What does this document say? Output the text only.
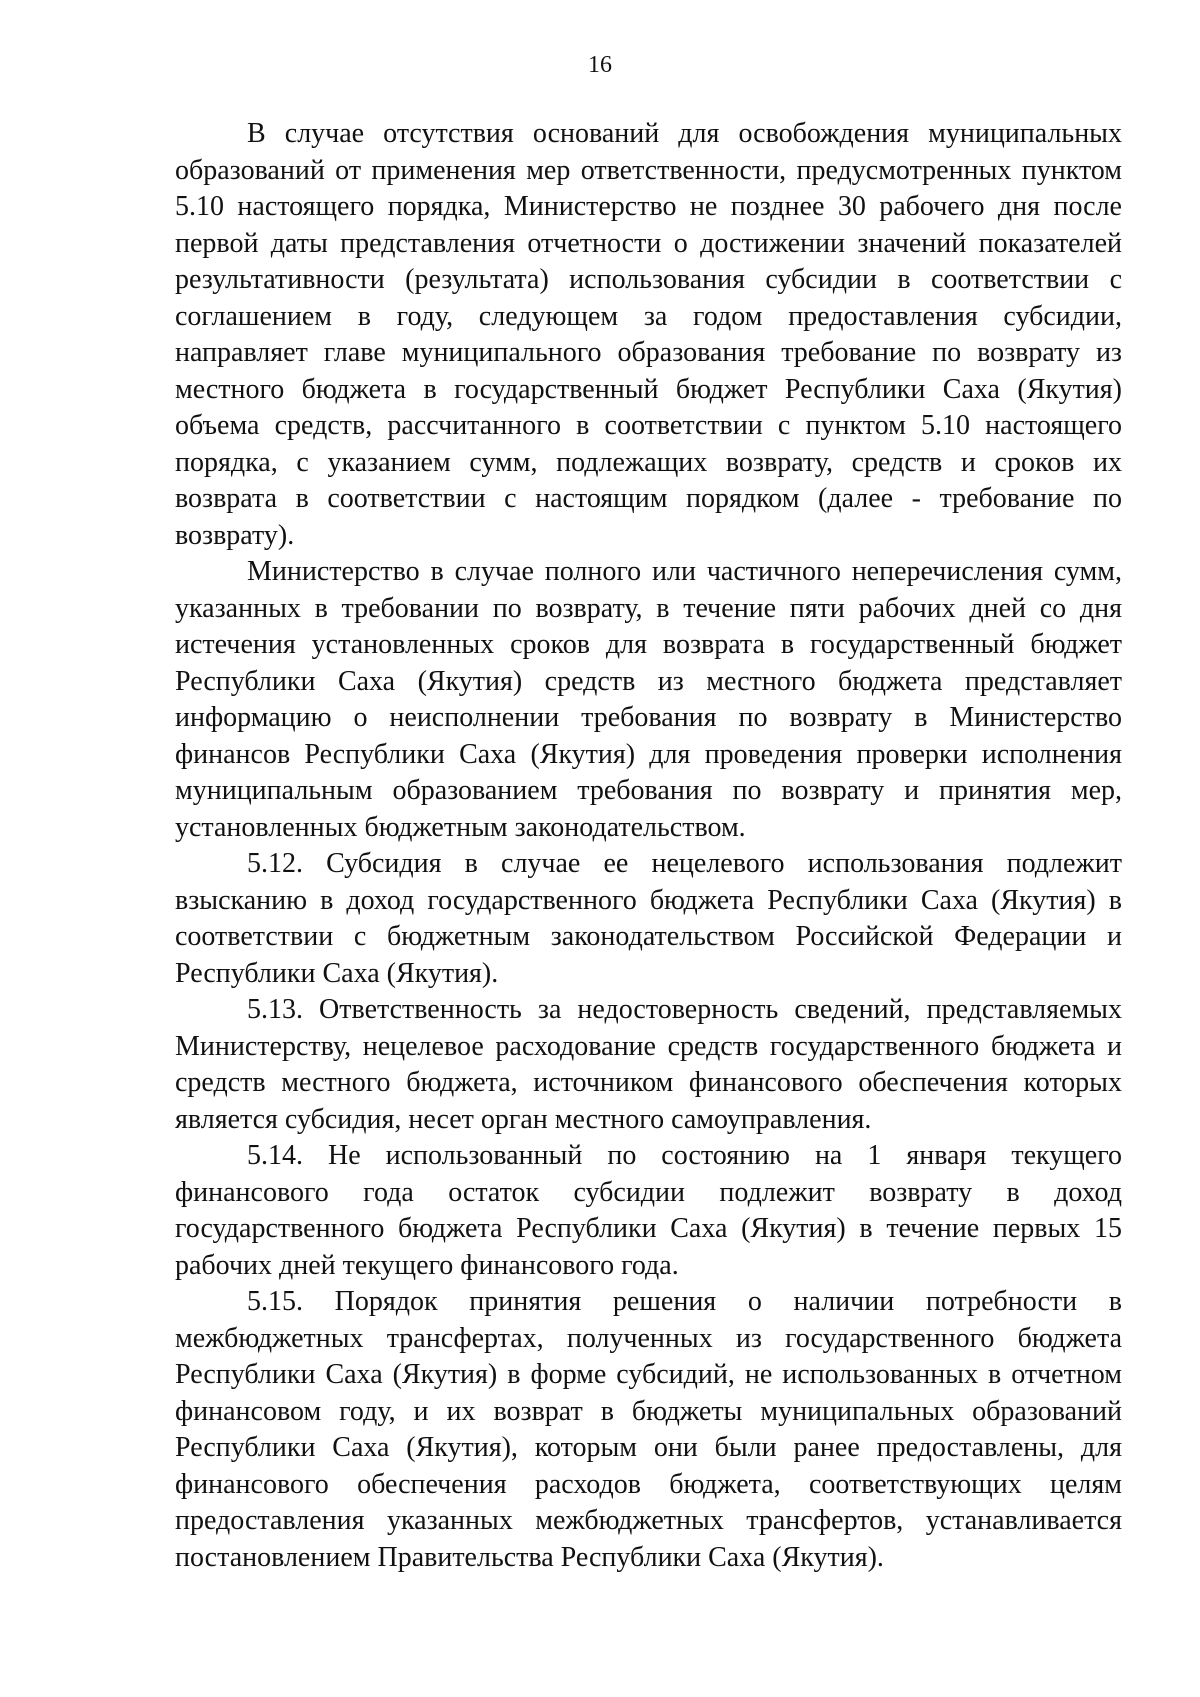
16

В случае отсутствия оснований для освобождения муниципальных образований от применения мер ответственности, предусмотренных пунктом 5.10 настоящего порядка, Министерство не позднее 30 рабочего дня после первой даты представления отчетности о достижении значений показателей результативности (результата) использования субсидии в соответствии с соглашением в году, следующем за годом предоставления субсидии, направляет главе муниципального образования требование по возврату из местного бюджета в государственный бюджет Республики Саха (Якутия) объема средств, рассчитанного в соответствии с пунктом 5.10 настоящего порядка, с указанием сумм, подлежащих возврату, средств и сроков их возврата в соответствии с настоящим порядком (далее - требование по возврату).

Министерство в случае полного или частичного неперечисления сумм, указанных в требовании по возврату, в течение пяти рабочих дней со дня истечения установленных сроков для возврата в государственный бюджет Республики Саха (Якутия) средств из местного бюджета представляет информацию о неисполнении требования по возврату в Министерство финансов Республики Саха (Якутия) для проведения проверки исполнения муниципальным образованием требования по возврату и принятия мер, установленных бюджетным законодательством.

5.12. Субсидия в случае ее нецелевого использования подлежит взысканию в доход государственного бюджета Республики Саха (Якутия) в соответствии с бюджетным законодательством Российской Федерации и Республики Саха (Якутия).

5.13. Ответственность за недостоверность сведений, представляемых Министерству, нецелевое расходование средств государственного бюджета и средств местного бюджета, источником финансового обеспечения которых является субсидия, несет орган местного самоуправления.

5.14. Не использованный по состоянию на 1 января текущего финансового года остаток субсидии подлежит возврату в доход государственного бюджета Республики Саха (Якутия) в течение первых 15 рабочих дней текущего финансового года.

5.15. Порядок принятия решения о наличии потребности в межбюджетных трансфертах, полученных из государственного бюджета Республики Саха (Якутия) в форме субсидий, не использованных в отчетном финансовом году, и их возврат в бюджеты муниципальных образований Республики Саха (Якутия), которым они были ранее предоставлены, для финансового обеспечения расходов бюджета, соответствующих целям предоставления указанных межбюджетных трансфертов, устанавливается постановлением Правительства Республики Саха (Якутия).
